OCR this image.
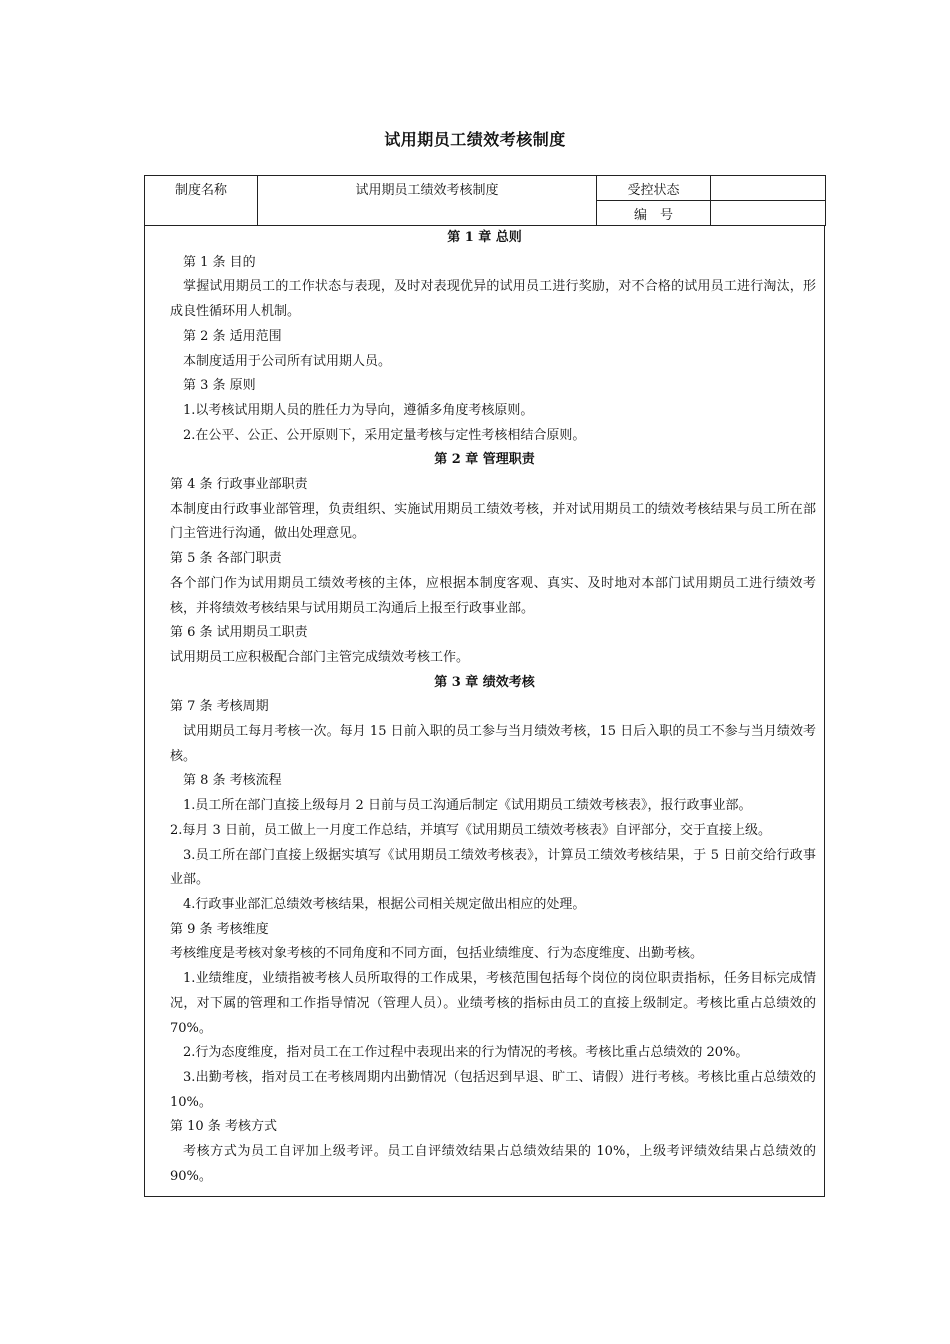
试用期员工绩效考核制度
制度名称	试用期员工绩效考核制度	受控状态	
		编　号	

第 1 章 总则

第 1 条 目的

掌握试用期员工的工作状态与表现，及时对表现优异的试用员工进行奖励，对不合格的试用员工进行淘汰，形成良性循环用人机制。

第 2 条 适用范围

本制度适用于公司所有试用期人员。

第 3 条 原则

1.以考核试用期人员的胜任力为导向，遵循多角度考核原则。

2.在公平、公正、公开原则下，采用定量考核与定性考核相结合原则。

第 2 章 管理职责

第 4 条 行政事业部职责

本制度由行政事业部管理，负责组织、实施试用期员工绩效考核，并对试用期员工的绩效考核结果与员工所在部门主管进行沟通，做出处理意见。

第 5 条 各部门职责

各个部门作为试用期员工绩效考核的主体，应根据本制度客观、真实、及时地对本部门试用期员工进行绩效考核，并将绩效考核结果与试用期员工沟通后上报至行政事业部。

第 6 条 试用期员工职责

试用期员工应积极配合部门主管完成绩效考核工作。

第 3 章 绩效考核

第 7 条 考核周期

试用期员工每月考核一次。每月 15 日前入职的员工参与当月绩效考核，15 日后入职的员工不参与当月绩效考核。

第 8 条 考核流程

1.员工所在部门直接上级每月 2 日前与员工沟通后制定《试用期员工绩效考核表》，报行政事业部。

2.每月 3 日前，员工做上一月度工作总结，并填写《试用期员工绩效考核表》自评部分，交于直接上级。

3.员工所在部门直接上级据实填写《试用期员工绩效考核表》，计算员工绩效考核结果，于 5 日前交给行政事业部。

4.行政事业部汇总绩效考核结果，根据公司相关规定做出相应的处理。

第 9 条 考核维度

考核维度是考核对象考核的不同角度和不同方面，包括业绩维度、行为态度维度、出勤考核。

1.业绩维度，业绩指被考核人员所取得的工作成果，考核范围包括每个岗位的岗位职责指标，任务目标完成情况，对下属的管理和工作指导情况（管理人员）。业绩考核的指标由员工的直接上级制定。考核比重占总绩效的 70%。

2.行为态度维度，指对员工在工作过程中表现出来的行为情况的考核。考核比重占总绩效的 20%。

3.出勤考核，指对员工在考核周期内出勤情况（包括迟到早退、旷工、请假）进行考核。考核比重占总绩效的 10%。

第 10 条 考核方式

考核方式为员工自评加上级考评。员工自评绩效结果占总绩效结果的 10%，上级考评绩效结果占总绩效的 90%。
